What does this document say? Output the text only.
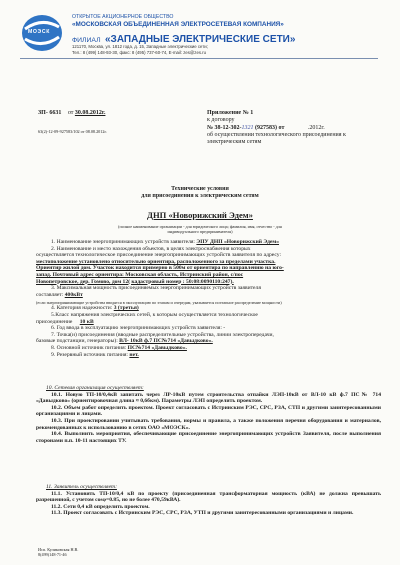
МОЭСК
ОТКРЫТОЕ АКЦИОНЕРНОЕ ОБЩЕСТВО
«МОСКОВСКАЯ ОБЪЕДИНЕННАЯ ЭЛЕКТРОСЕТЕВАЯ КОМПАНИЯ»
ФИЛИАЛ «ЗАПАДНЫЕ ЭЛЕКТРИЧЕСКИЕ СЕТИ»
121170, Москва, ул. 1812 года, д. 15, Западные электрические сети;
Тел.: 8 (499) 148-93-30, факс: 8 (495) 737-60-74, E-mail: zes@zes.ru
ЗП- 6631 от 30.08.2012г.
63(2)-12-09-927583/102 от 08.08.2012г.
Приложение № 1
к договору
№ 38-12-302-1321 (927583) от	.2012г.
об осуществлении технологического присоединения к
электрическим сетям
Технические условия
для присоединения к электрическим сетям
ДНП «Новорижский Эдем»
(полное наименование организации - для юридического лица; фамилия, имя, отчество - для
индивидуального предпринимателя)
1. Наименование энергопринимающих устройств заявителя: ЭПУ ДНП «Новорижский Эдем»
2. Наименование и место нахождения объектов, в целях электроснабжения которых
осуществляется технологическое присоединение энергопринимающих устройств заявителя по адресу:
местоположение установлено относительно ориентира, расположенного за пределами участка.
Ориентир жилой дом. Участок находится примерно в 500м от ориентира по направлению на юго-
запад. Почтовый адрес ориентира: Московская область, Истринский район, с/пос
Новопетровское, дер. Гомово, дом 12( кадастровый номер : 50:08:0090110:247).
3. Максимальная мощность присоединяемых энергопринимающих устройств заявителя
составляет: 400кВт
(если энергопринимающие устройства вводятся в эксплуатацию по этапам и очередям, указывается поэтапное распределение мощности)
4. Категория надежности: 3 (третья)
5.Класс напряжения электрических сетей, к которым осуществляется технологическое
присоединение 10 кВ
6. Год ввода в эксплуатацию энергопринимающих устройств заявителя: -
7. Точка(и) присоединения (вводные распределительные устройства, линии электропередачи,
базовые подстанции, генераторы): ВЛ- 10кВ ф.7 ПС№714 «Давыдково».
8. Основной источник питания: ПС№714 «Давыдково».
9. Резервный источник питания: нет.
10. Сетевая организация осуществляет:
10.1. Новую ТП-10/0,4кВ запитать через ЛР-10кВ путем строительства отпайки ЛЭП-10кВ от ВЛ-10 кВ ф.7 ПС№ 714 «Давыдково» (ориентировочная длина ≈ 0,6бкм). Параметры ЛЭП определить проектом.
10.2. Объем работ определить проектом. Проект согласовать с Истринским РЭС, СРС, РЗА, СТП и другими заинтересованными организациями и лицами.
10.3. При проектировании учитывать требования, нормы и правила, а также положения перечня оборудования и материалов, рекомендованных к использованию в сетях ОАО «МОЭСК».
10.4. Выполнить мероприятия, обеспечивающие присоединение энергопринимающих устройств Заявителя, после выполнения сторонами п.п. 10-11 настоящих ТУ.
11. Заявитель осуществляет:
11.1. Установить ТП-10/0,4 кВ по проекту (присоединенная трансформаторная мощность (кВА) не должна превышать разрешенной, с учетом соsφ=0.85, но не более 470,59кВА).
11.2. Сети 0,4 кВ определить проектом.
11.3. Проект согласовать с Истринским РЭС, СРС, РЗА, УТП и другими заинтересованными организациями и лицами.
Исп. Куликовская Н.В.
8(499)148-71-46
